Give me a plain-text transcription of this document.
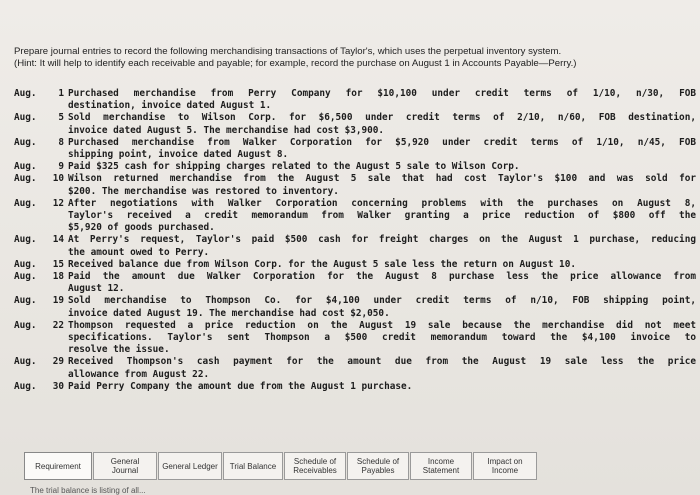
Prepare journal entries to record the following merchandising transactions of Taylor's, which uses the perpetual inventory system.
(Hint: It will help to identify each receivable and payable; for example, record the purchase on August 1 in Accounts Payable—Perry.)
Aug.	1 Purchased merchandise from Perry Company for $10,100 under credit terms of 1/10, n/30, FOB
destination, invoice dated August 1.
Aug.	5 Sold merchandise to Wilson Corp. for $6,500 under credit terms of 2/10, n/60, FOB destination,
invoice dated August 5. The merchandise had cost $3,900.
Aug.	8 Purchased merchandise from Walker Corporation for $5,920 under credit terms of 1/10, n/45, FOB
shipping point, invoice dated August 8.
Aug.	9 Paid $325 cash for shipping charges related to the August 5 sale to Wilson Corp.
Aug.	10 Wilson returned merchandise from the August 5 sale that had cost Taylor's $100 and was sold for
$200. The merchandise was restored to inventory.
Aug.	12 After negotiations with Walker Corporation concerning problems with the purchases on August 8,
Taylor's received a credit memorandum from Walker granting a price reduction of $800 off the
$5,920 of goods purchased.
Aug.	14 At Perry's request, Taylor's paid $500 cash for freight charges on the August 1 purchase, reducing
the amount owed to Perry.
Aug.	15 Received balance due from Wilson Corp. for the August 5 sale less the return on August 10.
Aug.	18 Paid the amount due Walker Corporation for the August 8 purchase less the price allowance from
August 12.
Aug.	19 Sold merchandise to Thompson Co. for $4,100 under credit terms of n/10, FOB shipping point,
invoice dated August 19. The merchandise had cost $2,050.
Aug.	22 Thompson requested a price reduction on the August 19 sale because the merchandise did not meet
specifications. Taylor's sent Thompson a $500 credit memorandum toward the $4,100 invoice to
resolve the issue.
Aug.	29 Received Thompson's cash payment for the amount due from the August 19 sale less the price
allowance from August 22.
Aug.	30 Paid Perry Company the amount due from the August 1 purchase.
Requirement	General Journal	General Ledger	Trial Balance	Schedule of Receivables
Schedule of Payables
Income Statement
Impact on Income
The trial balance is listing of all...
